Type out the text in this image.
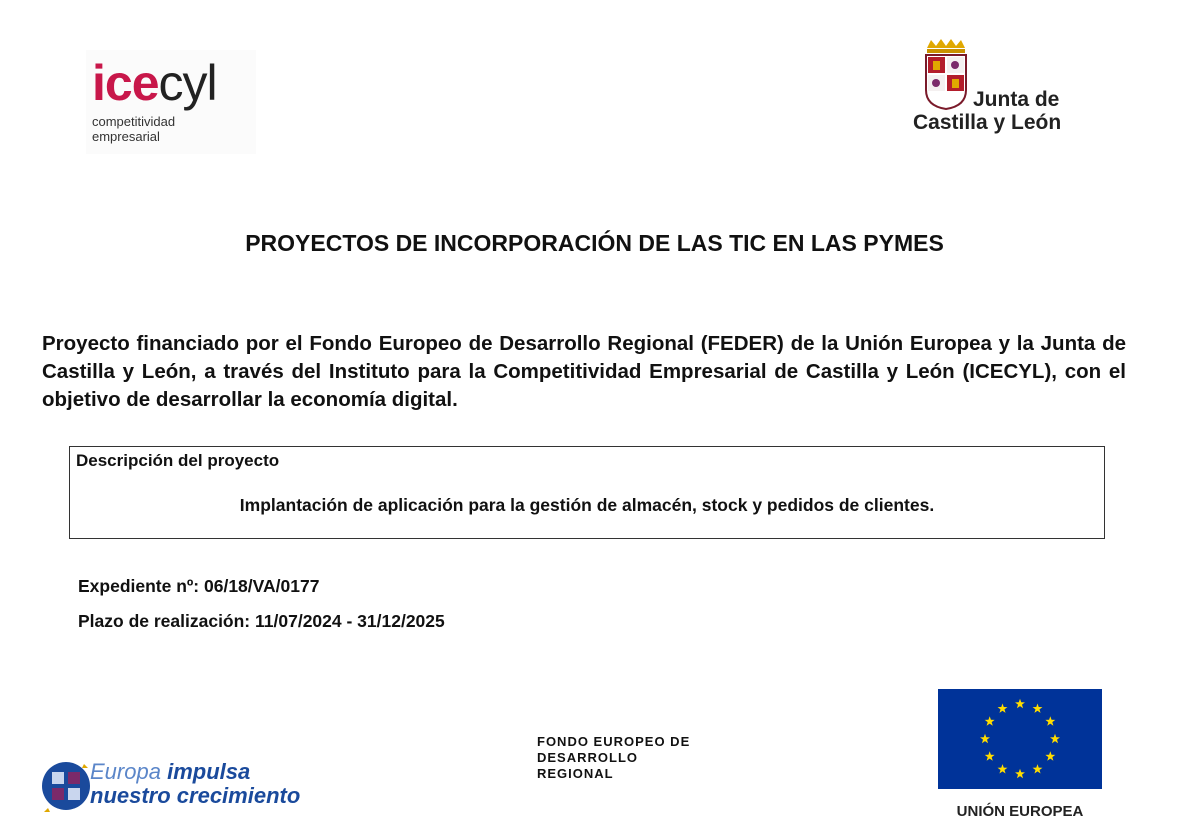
icecyl
competitividad
empresarial
Junta de
Castilla y León
PROYECTOS DE INCORPORACIÓN DE LAS TIC EN LAS PYMES
Proyecto financiado por el Fondo Europeo de Desarrollo Regional (FEDER) de la Unión Europea y la Junta de Castilla y León, a través del Instituto para la Competitividad Empresarial de Castilla y León (ICECYL), con el objetivo de desarrollar la economía digital.
Descripción del proyecto
Implantación de aplicación para la gestión de almacén, stock y pedidos de clientes.
Expediente nº: 06/18/VA/0177
Plazo de realización: 11/07/2024 - 31/12/2025
Europa impulsa
nuestro crecimiento
FONDO EUROPEO DE
DESARROLLO
REGIONAL
UNIÓN EUROPEA
